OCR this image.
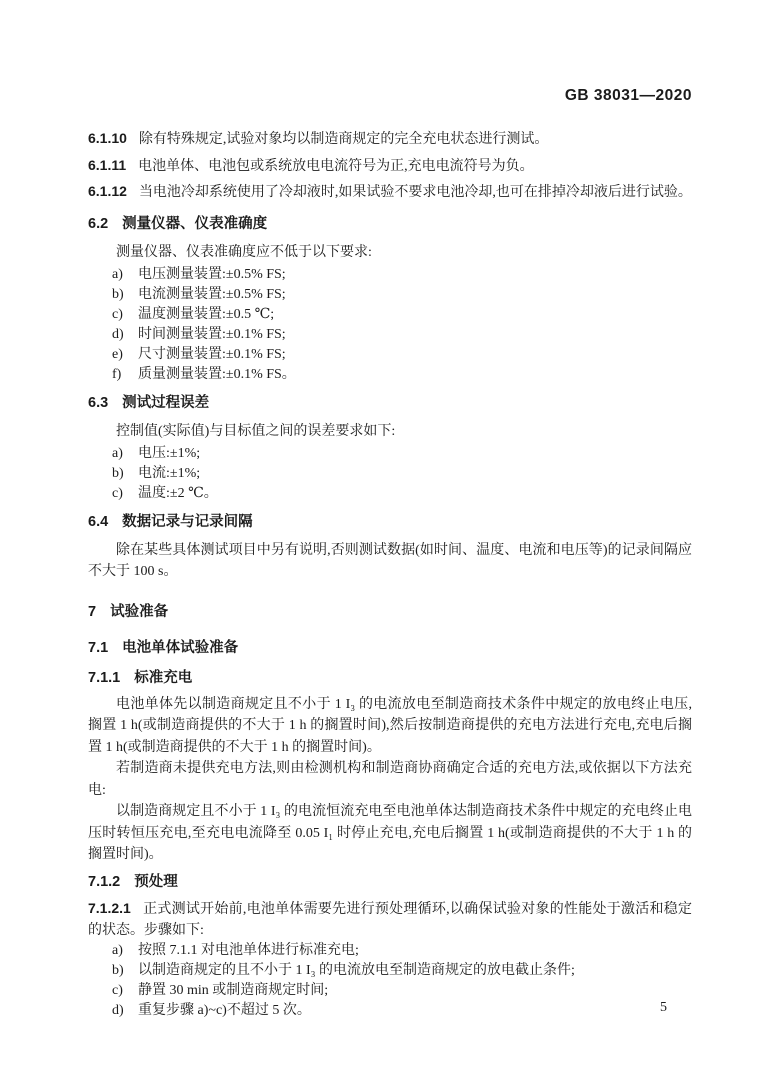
GB 38031—2020

6.1.10 除有特殊规定,试验对象均以制造商规定的完全充电状态进行测试。

6.1.11 电池单体、电池包或系统放电电流符号为正,充电电流符号为负。

6.1.12 当电池冷却系统使用了冷却液时,如果试验不要求电池冷却,也可在排掉冷却液后进行试验。

6.2 测量仪器、仪表准确度

测量仪器、仪表准确度应不低于以下要求:

a)	电压测量装置:±0.5% FS;
b)	电流测量装置:±0.5% FS;
c)	温度测量装置:±0.5 ℃;
d)	时间测量装置:±0.1% FS;
e)	尺寸测量装置:±0.1% FS;
f)	质量测量装置:±0.1% FS。

6.3 测试过程误差

控制值(实际值)与目标值之间的误差要求如下:

a)	电压:±1%;
b)	电流:±1%;
c)	温度:±2 ℃。

6.4 数据记录与记录间隔

除在某些具体测试项目中另有说明,否则测试数据(如时间、温度、电流和电压等)的记录间隔应不大于 100 s。

7 试验准备

7.1 电池单体试验准备

7.1.1 标准充电

电池单体先以制造商规定且不小于 1 I₃ 的电流放电至制造商技术条件中规定的放电终止电压,搁置 1 h(或制造商提供的不大于 1 h 的搁置时间),然后按制造商提供的充电方法进行充电,充电后搁置 1 h(或制造商提供的不大于 1 h 的搁置时间)。

若制造商未提供充电方法,则由检测机构和制造商协商确定合适的充电方法,或依据以下方法充电:

以制造商规定且不小于 1 I₃ 的电流恒流充电至电池单体达制造商技术条件中规定的充电终止电压时转恒压充电,至充电电流降至 0.05 I₁ 时停止充电,充电后搁置 1 h(或制造商提供的不大于 1 h 的搁置时间)。

7.1.2 预处理

7.1.2.1 正式测试开始前,电池单体需要先进行预处理循环,以确保试验对象的性能处于激活和稳定的状态。步骤如下:

a)	按照 7.1.1 对电池单体进行标准充电;
b)	以制造商规定的且不小于 1 I₃ 的电流放电至制造商规定的放电截止条件;
c)	静置 30 min 或制造商规定时间;
d)	重复步骤 a)~c)不超过 5 次。	5
